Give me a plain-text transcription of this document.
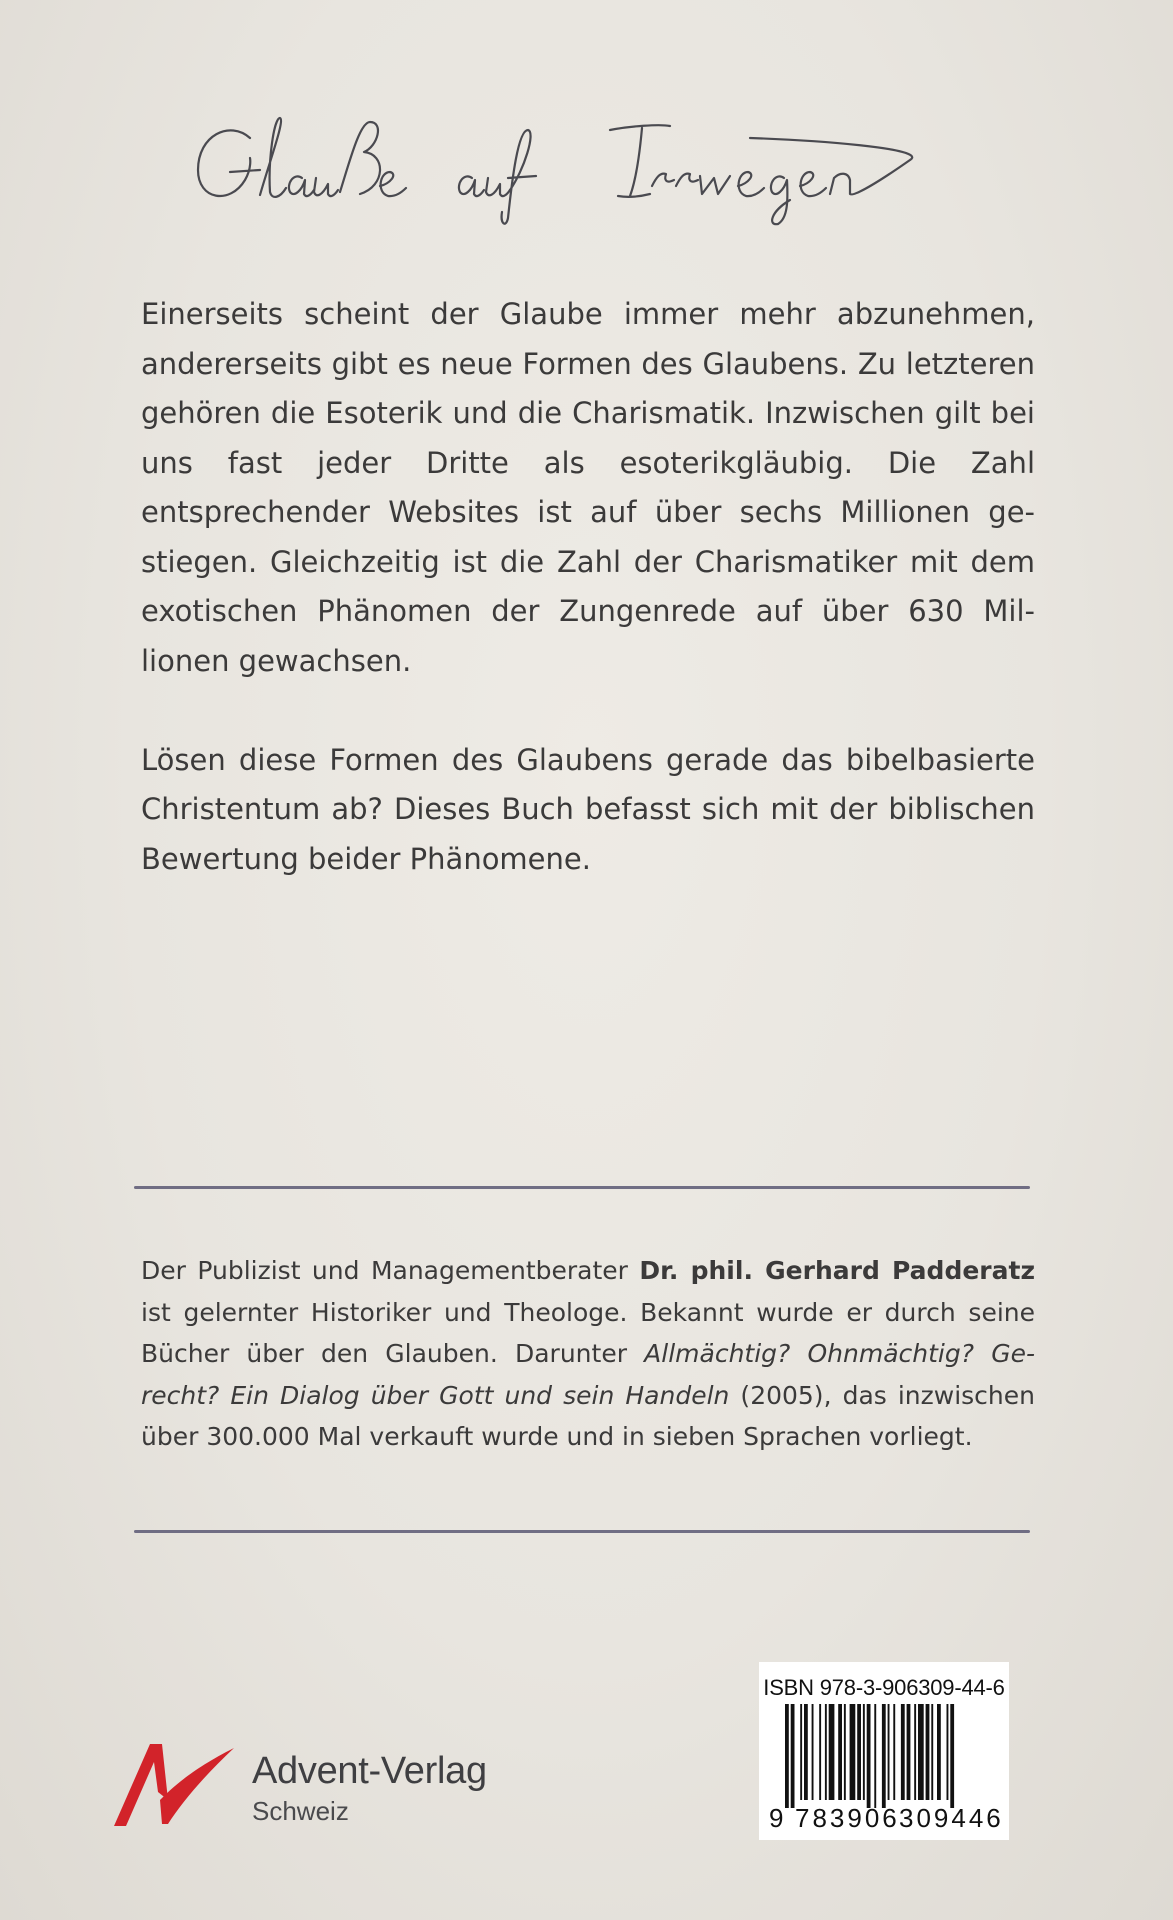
Einerseits scheint der Glaube immer mehr abzunehmen, andererseits gibt es neue Formen des Glaubens. Zu letzteren gehören die Esoterik und die Charismatik. Inzwischen gilt bei uns fast jeder Dritte als esoterikgläubig. Die Zahl entsprechender Websites ist auf über sechs Millionen gestiegen. Gleichzeitig ist die Zahl der Charismatiker mit dem exotischen Phänomen der Zungenrede auf über 630 Millionen gewachsen.

Lösen diese Formen des Glaubens gerade das bibelbasierte Christentum ab? Dieses Buch befasst sich mit der biblischen Bewertung beider Phänomene.

Der Publizist und Managementberater Dr. phil. Gerhard Padderatz ist gelernter Historiker und Theologe. Bekannt wurde er durch seine Bücher über den Glauben. Darunter Allmächtig? Ohnmächtig? Gerecht? Ein Dialog über Gott und sein Handeln (2005), das inzwischen über 300.000 Mal verkauft wurde und in sieben Sprachen vorliegt.
Advent-Verlag
Schweiz
ISBN 978-3-906309-44-6
9 783906 309446
